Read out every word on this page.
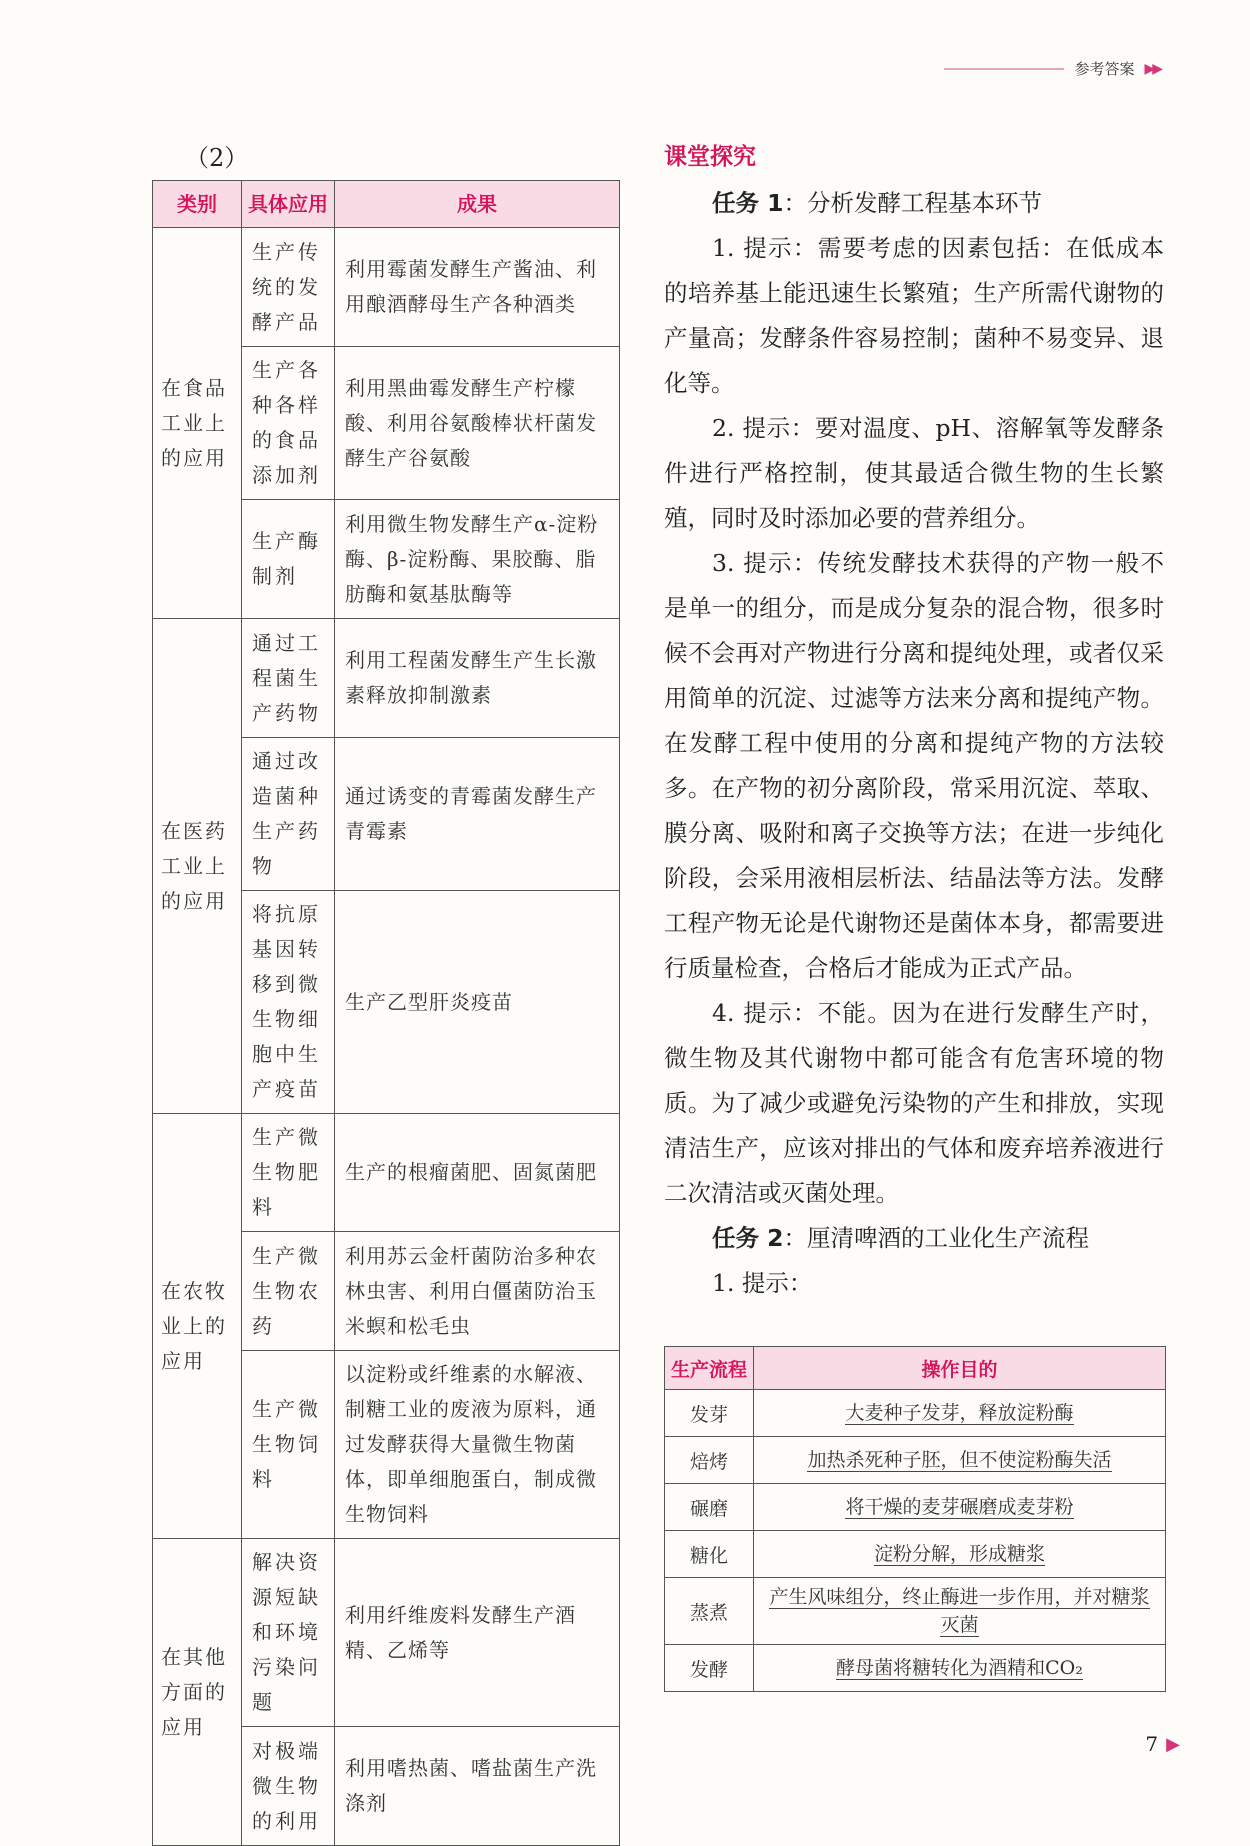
参考答案 ▶▶
（2）
类别	具体应用	成果
在食品工业上的应用	生产传统的发酵产品	利用霉菌发酵生产酱油、利用酿酒酵母生产各种酒类
	生产各种各样的食品添加剂	利用黑曲霉发酵生产柠檬酸、利用谷氨酸棒状杆菌发酵生产谷氨酸
	生产酶制剂	利用微生物发酵生产α-淀粉酶、β-淀粉酶、果胶酶、脂肪酶和氨基肽酶等
在医药工业上的应用	通过工程菌生产药物	利用工程菌发酵生产生长激素释放抑制激素
	通过改造菌种生产药物	通过诱变的青霉菌发酵生产青霉素
	将抗原基因转移到微生物细胞中生产疫苗	生产乙型肝炎疫苗
在农牧业上的应用	生产微生物肥料	生产的根瘤菌肥、固氮菌肥
	生产微生物农药	利用苏云金杆菌防治多种农林虫害、利用白僵菌防治玉米螟和松毛虫
	生产微生物饲料	以淀粉或纤维素的水解液、制糖工业的废液为原料，通过发酵获得大量微生物菌体，即单细胞蛋白，制成微生物饲料
在其他方面的应用	解决资源短缺和环境污染问题	利用纤维废料发酵生产酒精、乙烯等
	对极端微生物的利用	利用嗜热菌、嗜盐菌生产洗涤剂
课堂探究

任务 1：分析发酵工程基本环节

1. 提示：需要考虑的因素包括：在低成本的培养基上能迅速生长繁殖；生产所需代谢物的产量高；发酵条件容易控制；菌种不易变异、退化等。

2. 提示：要对温度、pH、溶解氧等发酵条件进行严格控制，使其最适合微生物的生长繁殖，同时及时添加必要的营养组分。

3. 提示：传统发酵技术获得的产物一般不是单一的组分，而是成分复杂的混合物，很多时候不会再对产物进行分离和提纯处理，或者仅采用简单的沉淀、过滤等方法来分离和提纯产物。在发酵工程中使用的分离和提纯产物的方法较多。在产物的初分离阶段，常采用沉淀、萃取、膜分离、吸附和离子交换等方法；在进一步纯化阶段，会采用液相层析法、结晶法等方法。发酵工程产物无论是代谢物还是菌体本身，都需要进行质量检查，合格后才能成为正式产品。

4. 提示：不能。因为在进行发酵生产时，微生物及其代谢物中都可能含有危害环境的物质。为了减少或避免污染物的产生和排放，实现清洁生产，应该对排出的气体和废弃培养液进行二次清洁或灭菌处理。

任务 2：厘清啤酒的工业化生产流程

1. 提示：

生产流程	操作目的
发芽	大麦种子发芽，释放淀粉酶
焙烤	加热杀死种子胚，但不使淀粉酶失活
碾磨	将干燥的麦芽碾磨成麦芽粉
糖化	淀粉分解，形成糖浆
蒸煮	产生风味组分，终止酶进一步作用，并对糖浆灭菌
发酵	酵母菌将糖转化为酒精和CO₂
7 ▶
